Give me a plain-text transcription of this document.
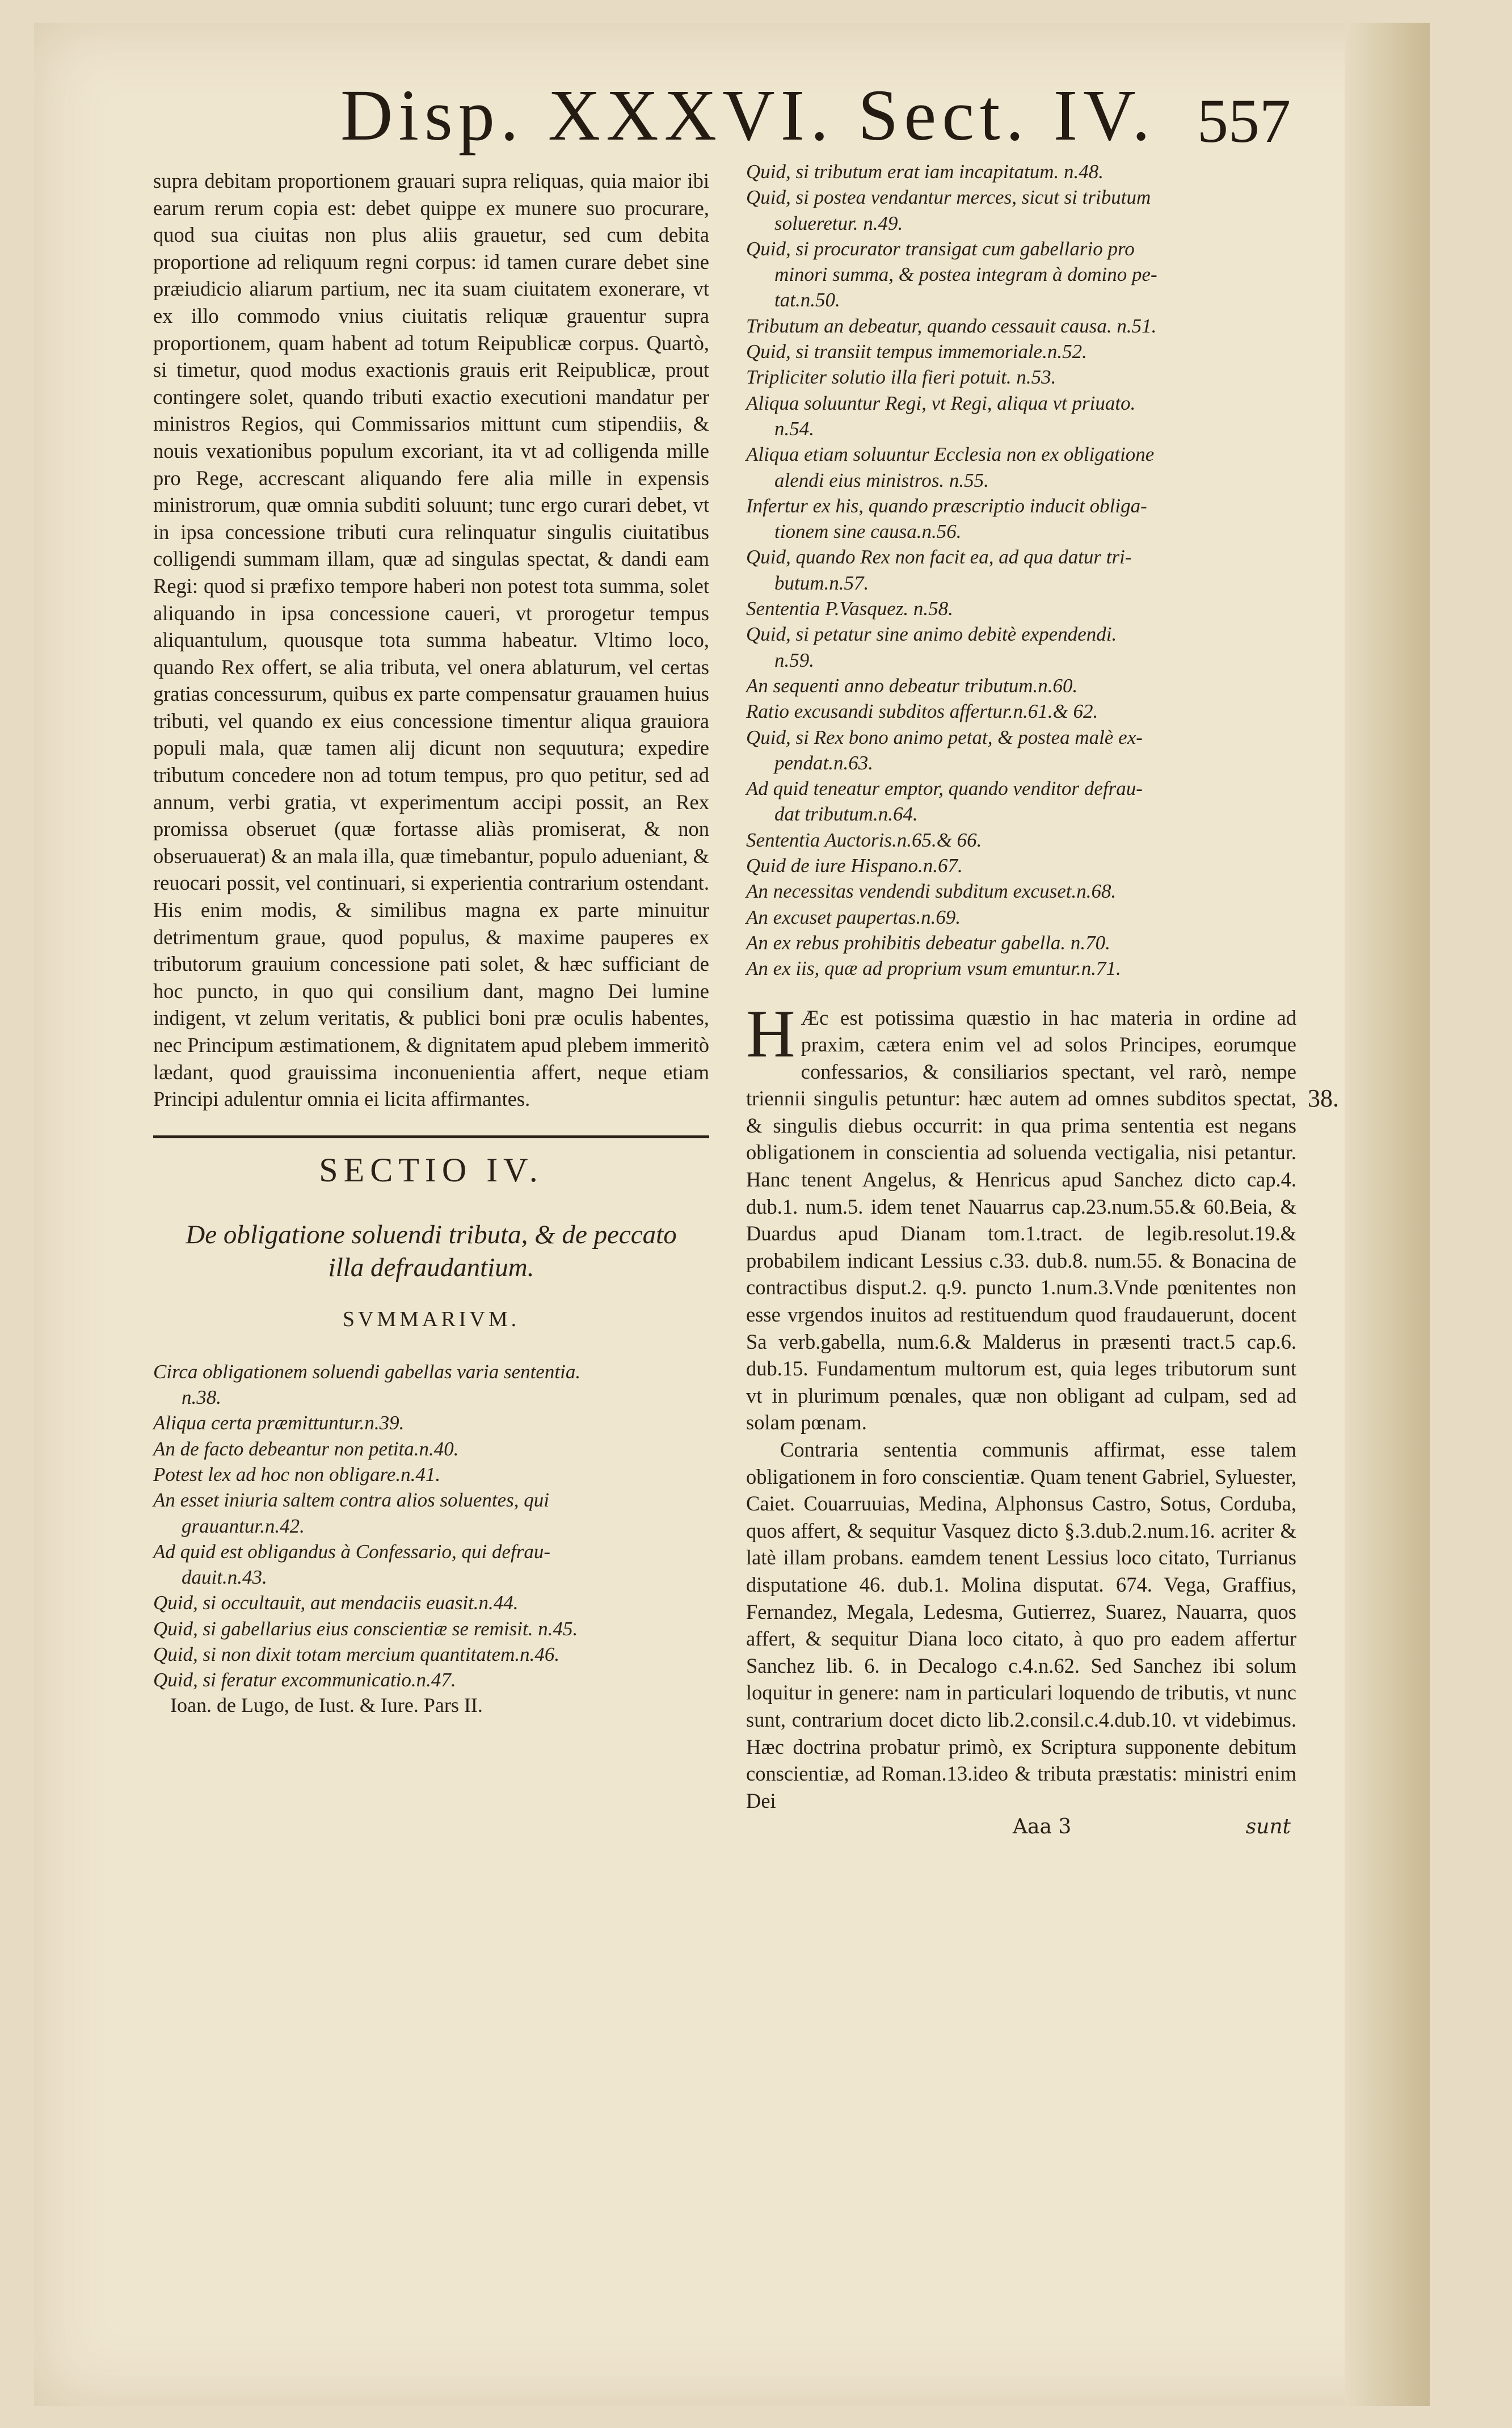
Disp. XXXVI. Sect. IV. 557
supra debitam proportionem grauari supra reliquas, quia maior ibi earum rerum copia est: debet quippe ex munere suo procurare, quod sua ciuitas non plus aliis grauetur, sed cum debita proportione ad reliquum regni corpus: id tamen curare debet sine præiudicio aliarum partium, nec ita suam ciuitatem exonerare, vt ex illo commodo vnius ciuitatis reliquæ grauentur supra proportionem, quam habent ad totum Reipublicæ corpus. Quartò, si timetur, quod modus exactionis grauis erit Reipublicæ, prout contingere solet, quando tributi exactio executioni mandatur per ministros Regios, qui Commissarios mittunt cum stipendiis, & nouis vexationibus populum excoriant, ita vt ad colligenda mille pro Rege, accrescant aliquando fere alia mille in expensis ministrorum, quæ omnia subditi soluunt; tunc ergo curari debet, vt in ipsa concessione tributi cura relinquatur singulis ciuitatibus colligendi summam illam, quæ ad singulas spectat, & dandi eam Regi: quod si præfixo tempore haberi non potest tota summa, solet aliquando in ipsa concessione caueri, vt prorogetur tempus aliquantulum, quousque tota summa habeatur. Vltimo loco, quando Rex offert, se alia tributa, vel onera ablaturum, vel certas gratias concessurum, quibus ex parte compensatur grauamen huius tributi, vel quando ex eius concessione timentur aliqua grauiora populi mala, quæ tamen alij dicunt non sequutura; expedire tributum concedere non ad totum tempus, pro quo petitur, sed ad annum, verbi gratia, vt experimentum accipi possit, an Rex promissa obseruet (quæ fortasse aliàs promiserat, & non obseruauerat) & an mala illa, quæ timebantur, populo adueniant, & reuocari possit, vel continuari, si experientia contrarium ostendant. His enim modis, & similibus magna ex parte minuitur detrimentum graue, quod populus, & maxime pauperes ex tributorum grauium concessione pati solet, & hæc sufficiant de hoc puncto, in quo qui consilium dant, magno Dei lumine indigent, vt zelum veritatis, & publici boni præ oculis habentes, nec Principum æstimationem, & dignitatem apud plebem immeritò lædant, quod grauissima inconuenientia affert, neque etiam Principi adulentur omnia ei licita affirmantes.
SECTIO IV.
De obligatione soluendi tributa, & de peccato illa defraudantium.
SVMMARIVM.
Circa obligationem soluendi gabellas varia sententia.
n.38.
Aliqua certa præmittuntur.n.39.
An de facto debeantur non petita.n.40.
Potest lex ad hoc non obligare.n.41.
An esset iniuria saltem contra alios soluentes, qui
grauantur.n.42.
Ad quid est obligandus à Confessario, qui defrau-
dauit.n.43.
Quid, si occultauit, aut mendaciis euasit.n.44.
Quid, si gabellarius eius conscientiæ se remisit. n.45.
Quid, si non dixit totam mercium quantitatem.n.46.
Quid, si feratur excommunicatio.n.47.
Ioan. de Lugo, de Iust. & Iure. Pars II.
Quid, si tributum erat iam incapitatum. n.48.
Quid, si postea vendantur merces, sicut si tributum
solueretur. n.49.
Quid, si procurator transigat cum gabellario pro
minori summa, & postea integram à domino pe-
tat.n.50.
Tributum an debeatur, quando cessauit causa. n.51.
Quid, si transiit tempus immemoriale.n.52.
Tripliciter solutio illa fieri potuit. n.53.
Aliqua soluuntur Regi, vt Regi, aliqua vt priuato.
n.54.
Aliqua etiam soluuntur Ecclesia non ex obligatione
alendi eius ministros. n.55.
Infertur ex his, quando præscriptio inducit obliga-
tionem sine causa.n.56.
Quid, quando Rex non facit ea, ad qua datur tri-
butum.n.57.
Sententia P.Vasquez. n.58.
Quid, si petatur sine animo debitè expendendi.
n.59.
An sequenti anno debeatur tributum.n.60.
Ratio excusandi subditos affertur.n.61.& 62.
Quid, si Rex bono animo petat, & postea malè ex-
pendat.n.63.
Ad quid teneatur emptor, quando venditor defrau-
dat tributum.n.64.
Sententia Auctoris.n.65.& 66.
Quid de iure Hispano.n.67.
An necessitas vendendi subditum excuset.n.68.
An excuset paupertas.n.69.
An ex rebus prohibitis debeatur gabella. n.70.
An ex iis, quæ ad proprium vsum emuntur.n.71.
H Æc est potissima quæstio in hac materia in ordine ad praxim, cætera enim vel ad solos Principes, eorumque confessarios, & consiliarios spectant, vel rarò, nempe triennii singulis petuntur: hæc autem ad omnes subditos spectat, & singulis diebus occurrit: in qua prima sententia est negans obligationem in conscientia ad soluenda vectigalia, nisi petantur. Hanc tenent Angelus, & Henricus apud Sanchez dicto cap.4. dub.1. num.5. idem tenet Nauarrus cap.23.num.55.& 60.Beia, & Duardus apud Dianam tom.1.tract. de legib.resolut.19.& probabilem indicant Lessius c.33. dub.8. num.55. & Bonacina de contractibus disput.2. q.9. puncto 1.num.3.Vnde pœnitentes non esse vrgendos inuitos ad restituendum quod fraudauerunt, docent Sa verb.gabella, num.6.& Malderus in præsenti tract.5 cap.6. dub.15. Fundamentum multorum est, quia leges tributorum sunt vt in plurimum pœnales, quæ non obligant ad culpam, sed ad solam pœnam.
Contraria sententia communis affirmat, esse talem obligationem in foro conscientiæ. Quam tenent Gabriel, Syluester, Caiet. Couarruuias, Medina, Alphonsus Castro, Sotus, Corduba, quos affert, & sequitur Vasquez dicto §.3.dub.2.num.16. acriter & latè illam probans. eamdem tenent Lessius loco citato, Turrianus disputatione 46. dub.1. Molina disputat. 674. Vega, Graffius, Fernandez, Megala, Ledesma, Gutierrez, Suarez, Nauarra, quos affert, & sequitur Diana loco citato, à quo pro eadem affertur Sanchez lib. 6. in Decalogo c.4.n.62. Sed Sanchez ibi solum loquitur in genere: nam in particulari loquendo de tributis, vt nunc sunt, contrarium docet dicto lib.2.consil.c.4.dub.10. vt videbimus. Hæc doctrina probatur primò, ex Scriptura supponente debitum conscientiæ, ad Roman.13.ideo & tributa præstatis: ministri enim Dei
Aaa 3	sunt
38.
